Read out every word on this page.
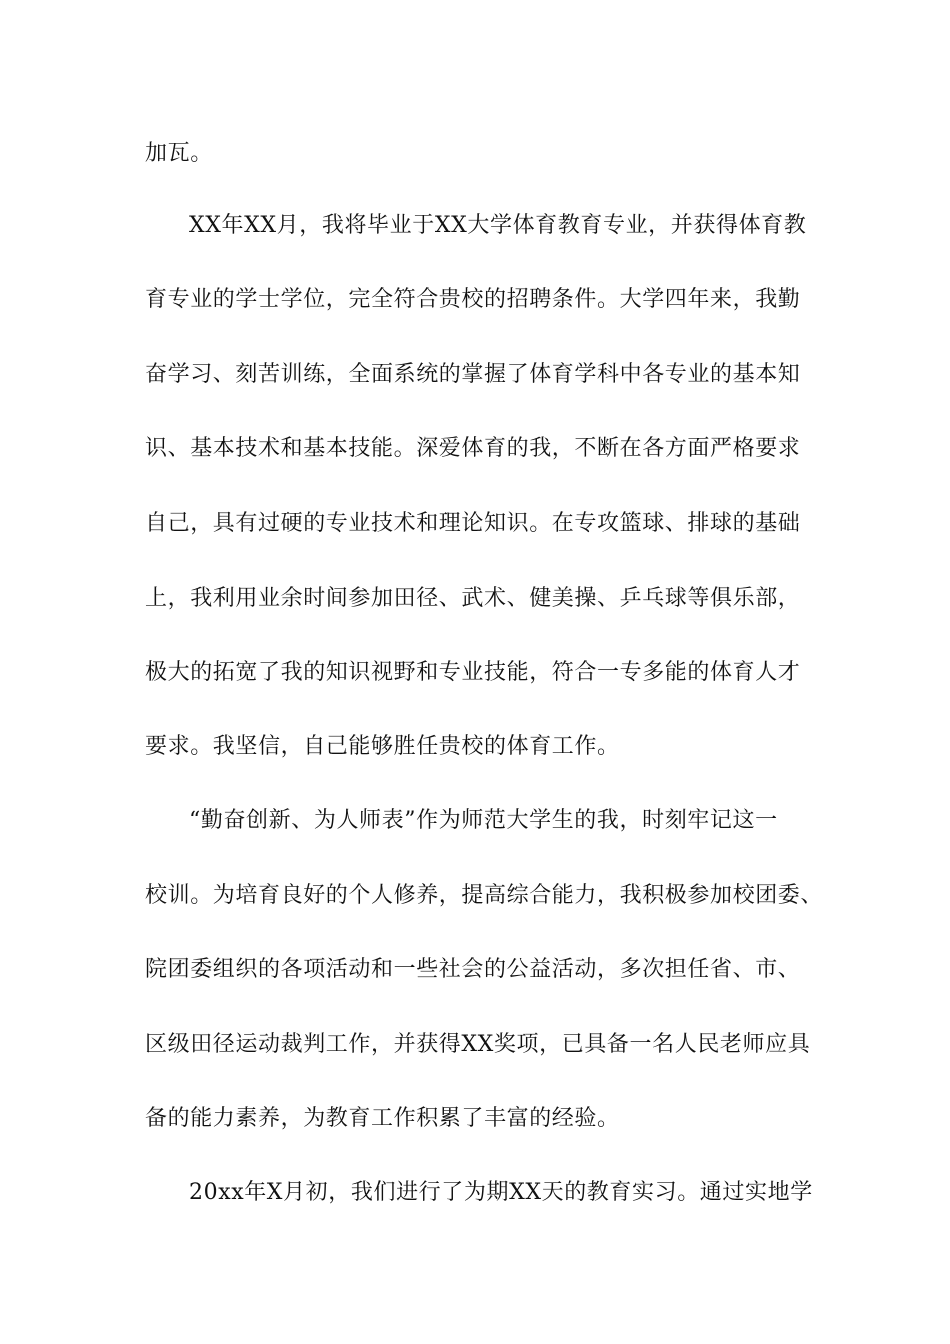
加瓦。
XX年XX月，我将毕业于XX大学体育教育专业，并获得体育教
育专业的学士学位，完全符合贵校的招聘条件。大学四年来，我勤
奋学习、刻苦训练，全面系统的掌握了体育学科中各专业的基本知
识、基本技术和基本技能。深爱体育的我，不断在各方面严格要求
自己，具有过硬的专业技术和理论知识。在专攻篮球、排球的基础
上，我利用业余时间参加田径、武术、健美操、乒乓球等俱乐部，
极大的拓宽了我的知识视野和专业技能，符合一专多能的体育人才
要求。我坚信，自己能够胜任贵校的体育工作。
“勤奋创新、为人师表”作为师范大学生的我，时刻牢记这一
校训。为培育良好的个人修养，提高综合能力，我积极参加校团委、
院团委组织的各项活动和一些社会的公益活动，多次担任省、市、
区级田径运动裁判工作，并获得XX奖项，已具备一名人民老师应具
备的能力素养，为教育工作积累了丰富的经验。
20xx年X月初，我们进行了为期XX天的教育实习。通过实地学
